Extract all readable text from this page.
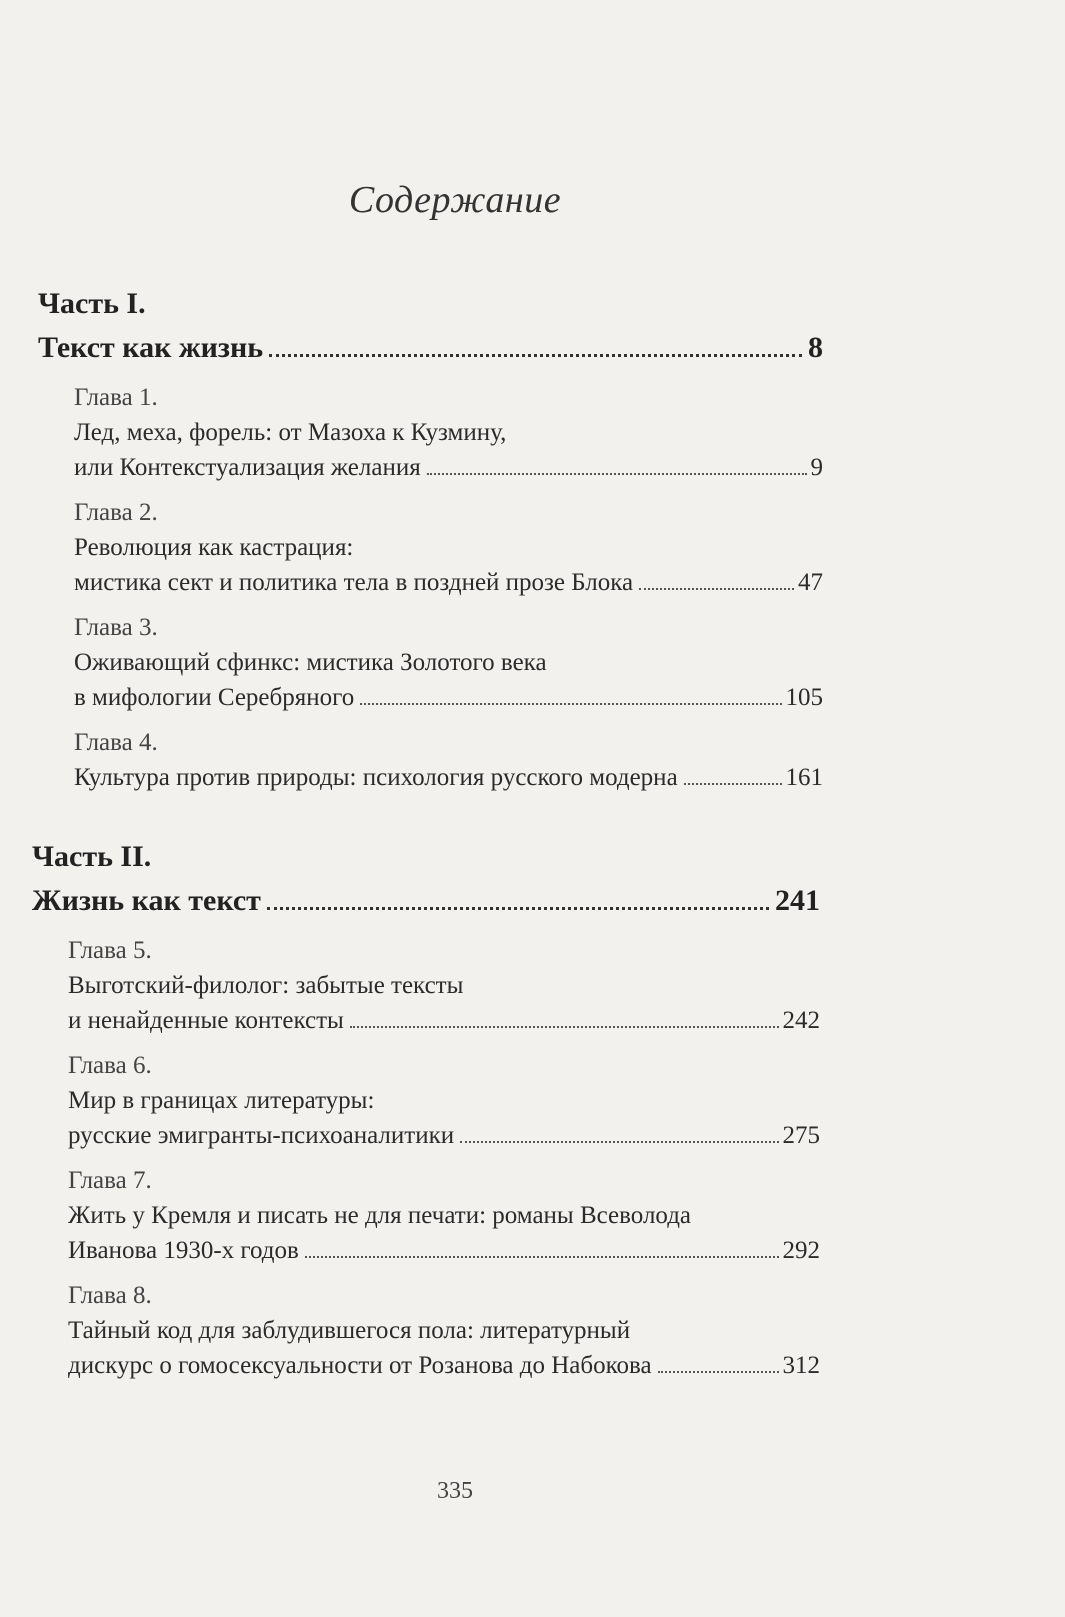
Содержание
Часть I.
Текст как жизнь	8
Глава 1.
Лед, меха, форель: от Мазоха к Кузмину,
или Контекстуализация желания	9
Глава 2.
Революция как кастрация:
мистика сект и политика тела в поздней прозе Блока	47
Глава 3.
Оживающий сфинкс: мистика Золотого века
в мифологии Серебряного	105
Глава 4.
Культура против природы: психология русского модерна	161
Часть II.
Жизнь как текст	241
Глава 5.
Выготский-филолог: забытые тексты
и ненайденные контексты	242
Глава 6.
Мир в границах литературы:
русские эмигранты-психоаналитики	275
Глава 7.
Жить у Кремля и писать не для печати: романы Всеволода
Иванова 1930-х годов	292
Глава 8.
Тайный код для заблудившегося пола: литературный
дискурс о гомосексуальности от Розанова до Набокова	312
335
